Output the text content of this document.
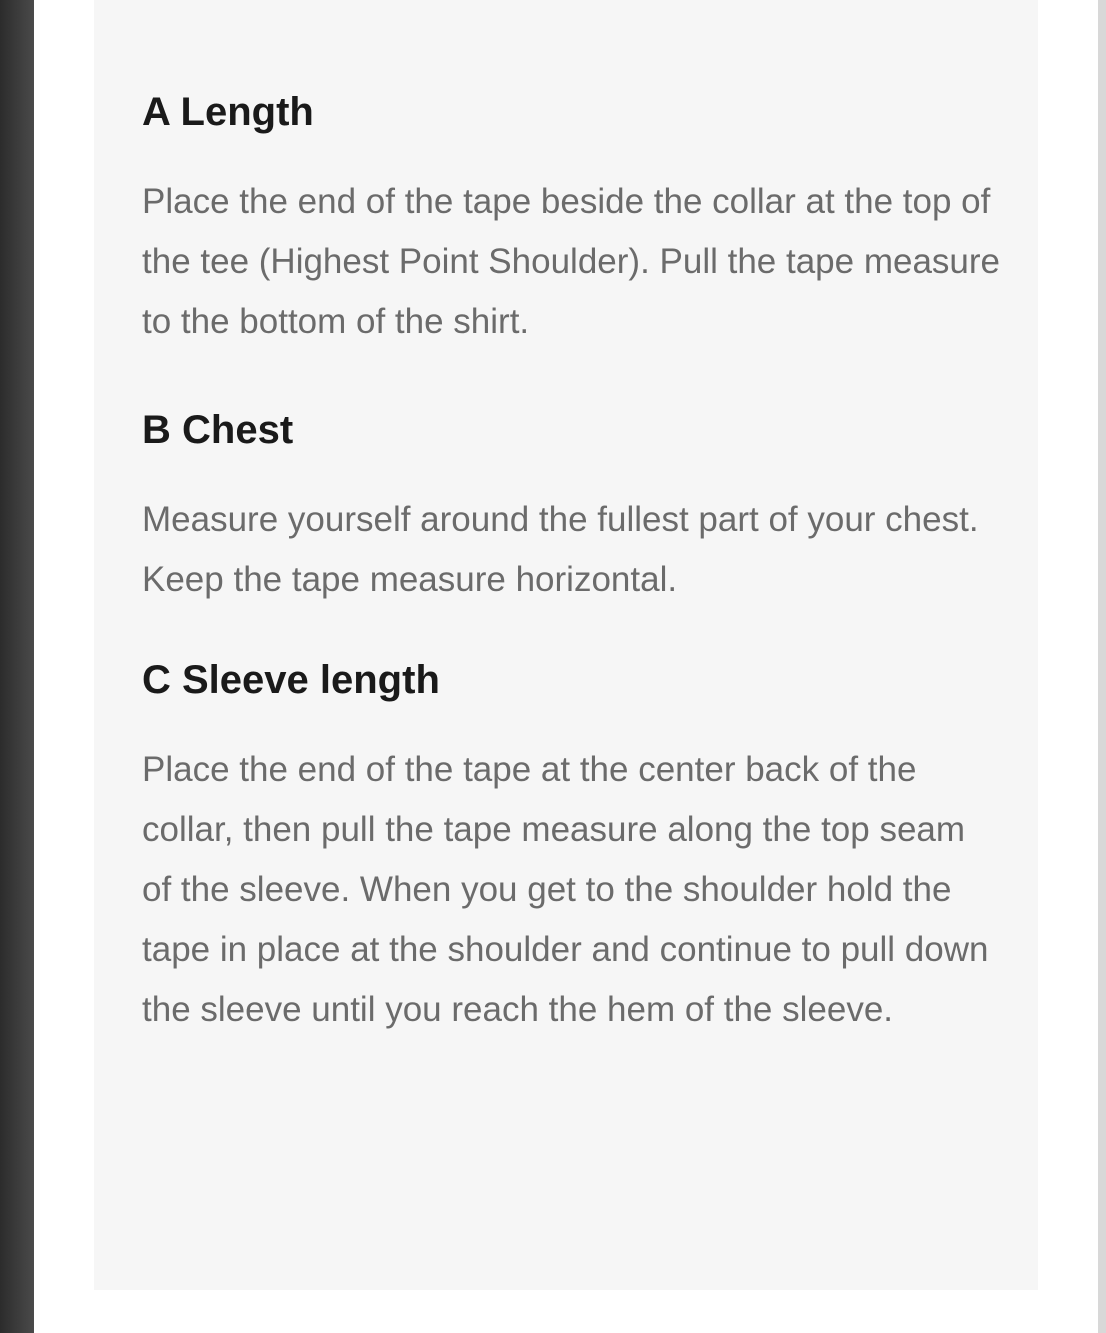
A Length

Place the end of the tape beside the collar at the top of the tee (Highest Point Shoulder). Pull the tape measure to the bottom of the shirt.

B Chest

Measure yourself around the fullest part of your chest. Keep the tape measure horizontal.

C Sleeve length

Place the end of the tape at the center back of the collar, then pull the tape measure along the top seam of the sleeve. When you get to the shoulder hold the tape in place at the shoulder and continue to pull down the sleeve until you reach the hem of the sleeve.
